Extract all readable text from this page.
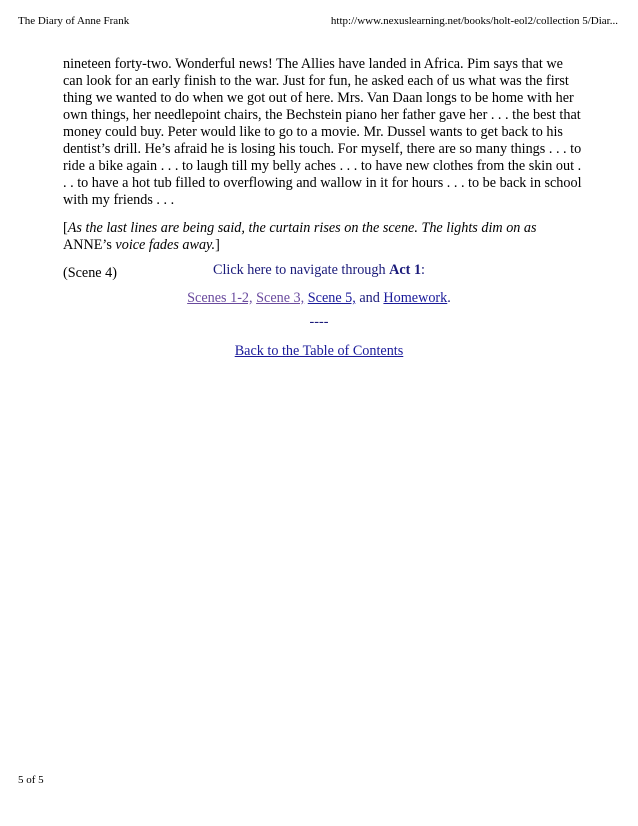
The Diary of Anne Frank	http://www.nexuslearning.net/books/holt-eol2/collection 5/Diar...

nineteen forty-two. Wonderful news! The Allies have landed in Africa. Pim says that we can look for an early finish to the war. Just for fun, he asked each of us what was the first thing we wanted to do when we got out of here. Mrs. Van Daan longs to be home with her own things, her needlepoint chairs, the Bechstein piano her father gave her . . . the best that money could buy. Peter would like to go to a movie. Mr. Dussel wants to get back to his dentist’s drill. He’s afraid he is losing his touch. For myself, there are so many things . . . to ride a bike again . . . to laugh till my belly aches . . . to have new clothes from the skin out . . . to have a hot tub filled to overflowing and wallow in it for hours . . . to be back in school with my friends . . .

[As the last lines are being said, the curtain rises on the scene. The lights dim on as ANNE’s voice fades away.]

(Scene 4)	Click here to navigate through Act 1:
Scenes 1-2, Scene 3, Scene 5, and Homework.
----
Back to the Table of Contents
5 of 5
